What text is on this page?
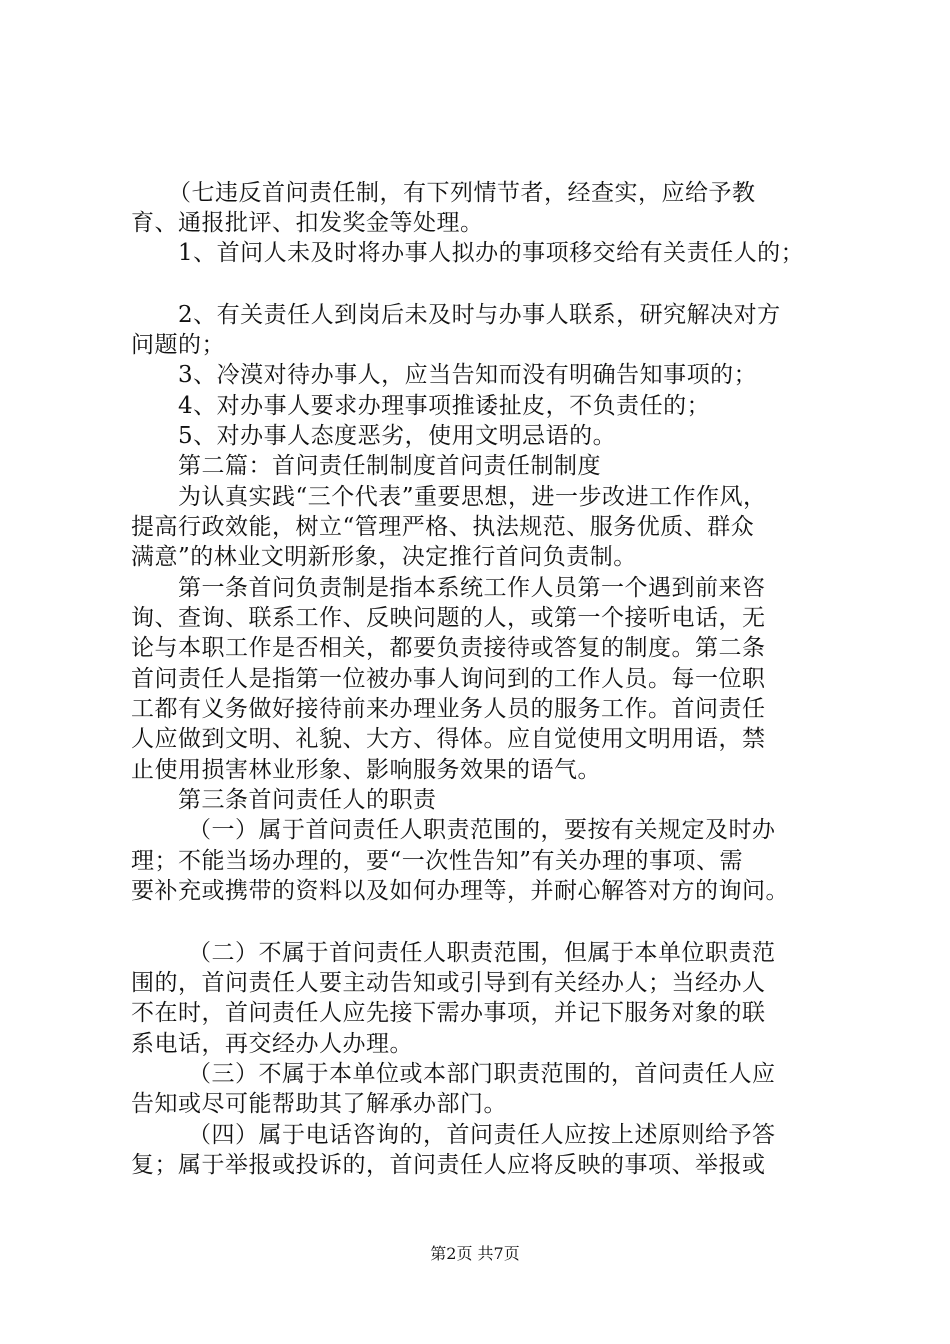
（七违反首问责任制，有下列情节者，经查实，应给予教
育、通报批评、扣发奖金等处理。
1、首问人未及时将办事人拟办的事项移交给有关责任人的；
2、有关责任人到岗后未及时与办事人联系，研究解决对方
问题的；
3、冷漠对待办事人，应当告知而没有明确告知事项的；
4、对办事人要求办理事项推诿扯皮，不负责任的；
5、对办事人态度恶劣，使用文明忌语的。
第二篇：首问责任制制度首问责任制制度
为认真实践“三个代表”重要思想，进一步改进工作作风，
提高行政效能，树立“管理严格、执法规范、服务优质、群众
满意”的林业文明新形象，决定推行首问负责制。
第一条首问负责制是指本系统工作人员第一个遇到前来咨
询、查询、联系工作、反映问题的人，或第一个接听电话，无
论与本职工作是否相关，都要负责接待或答复的制度。第二条
首问责任人是指第一位被办事人询问到的工作人员。每一位职
工都有义务做好接待前来办理业务人员的服务工作。首问责任
人应做到文明、礼貌、大方、得体。应自觉使用文明用语，禁
止使用损害林业形象、影响服务效果的语气。
第三条首问责任人的职责
（一）属于首问责任人职责范围的，要按有关规定及时办
理；不能当场办理的，要“一次性告知”有关办理的事项、需
要补充或携带的资料以及如何办理等，并耐心解答对方的询问。
（二）不属于首问责任人职责范围，但属于本单位职责范
围的，首问责任人要主动告知或引导到有关经办人；当经办人
不在时，首问责任人应先接下需办事项，并记下服务对象的联
系电话，再交经办人办理。
（三）不属于本单位或本部门职责范围的，首问责任人应
告知或尽可能帮助其了解承办部门。
（四）属于电话咨询的，首问责任人应按上述原则给予答
复；属于举报或投诉的，首问责任人应将反映的事项、举报或
第2页 共7页
